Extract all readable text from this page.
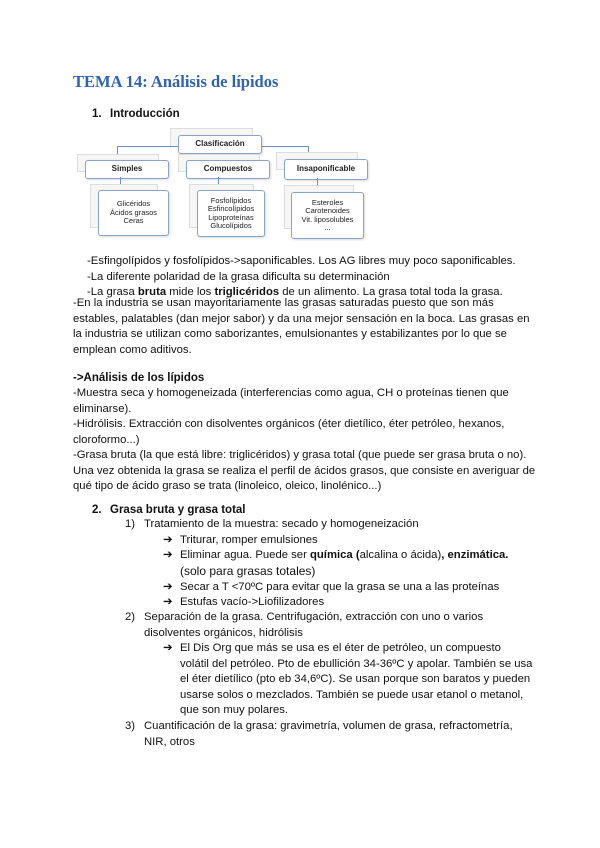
TEMA 14: Análisis de lípidos
1. Introducción
Clasificación
Simples	Compuestos	Insaponificable
Glicéridos
Ácidos grasos
Ceras
Fosfolípidos
Esfincolípidos
Lipoproteínas
Glucolípidos
Esteroles
Carotenoides
Vit. liposolubles
...
-Esfingolípidos y fosfolípidos->saponificables. Los AG libres muy poco saponificables.
-La diferente polaridad de la grasa dificulta su determinación
-La grasa bruta mide los triglicéridos de un alimento. La grasa total toda la grasa.
-En la industria se usan mayoritariamente las grasas saturadas puesto que son más
estables, palatables (dan mejor sabor) y da una mejor sensación en la boca. Las grasas en
la industria se utilizan como saborizantes, emulsionantes y estabilizantes por lo que se
emplean como aditivos.
->Análisis de los lípidos
-Muestra seca y homogeneizada (interferencias como agua, CH o proteínas tienen que
eliminarse).
-Hidrólisis. Extracción con disolventes orgánicos (éter dietílico, éter petróleo, hexanos,
cloroformo...)
-Grasa bruta (la que está libre: triglicéridos) y grasa total (que puede ser grasa bruta o no).
Una vez obtenida la grasa se realiza el perfil de ácidos grasos, que consiste en averiguar de
qué tipo de ácido graso se trata (linoleico, oleico, linolénico...)
2. Grasa bruta y grasa total
1) Tratamiento de la muestra: secado y homogeneización
➔ Triturar, romper emulsiones
➔ Eliminar agua. Puede ser química (alcalina o ácida), enzimática.
(solo para grasas totales)
➔ Secar a T <70ºC para evitar que la grasa se una a las proteínas
➔ Estufas vacío->Liofilizadores
2) Separación de la grasa. Centrifugación, extracción con uno o varios
disolventes orgánicos, hidrólisis
➔ El Dis Org que más se usa es el éter de petróleo, un compuesto
volátil del petróleo. Pto de ebullición 34-36ºC y apolar. También se usa
el éter dietílico (pto eb 34,6ºC). Se usan porque son baratos y pueden
usarse solos o mezclados. También se puede usar etanol o metanol,
que son muy polares.
3) Cuantificación de la grasa: gravimetría, volumen de grasa, refractometría,
NIR, otros
